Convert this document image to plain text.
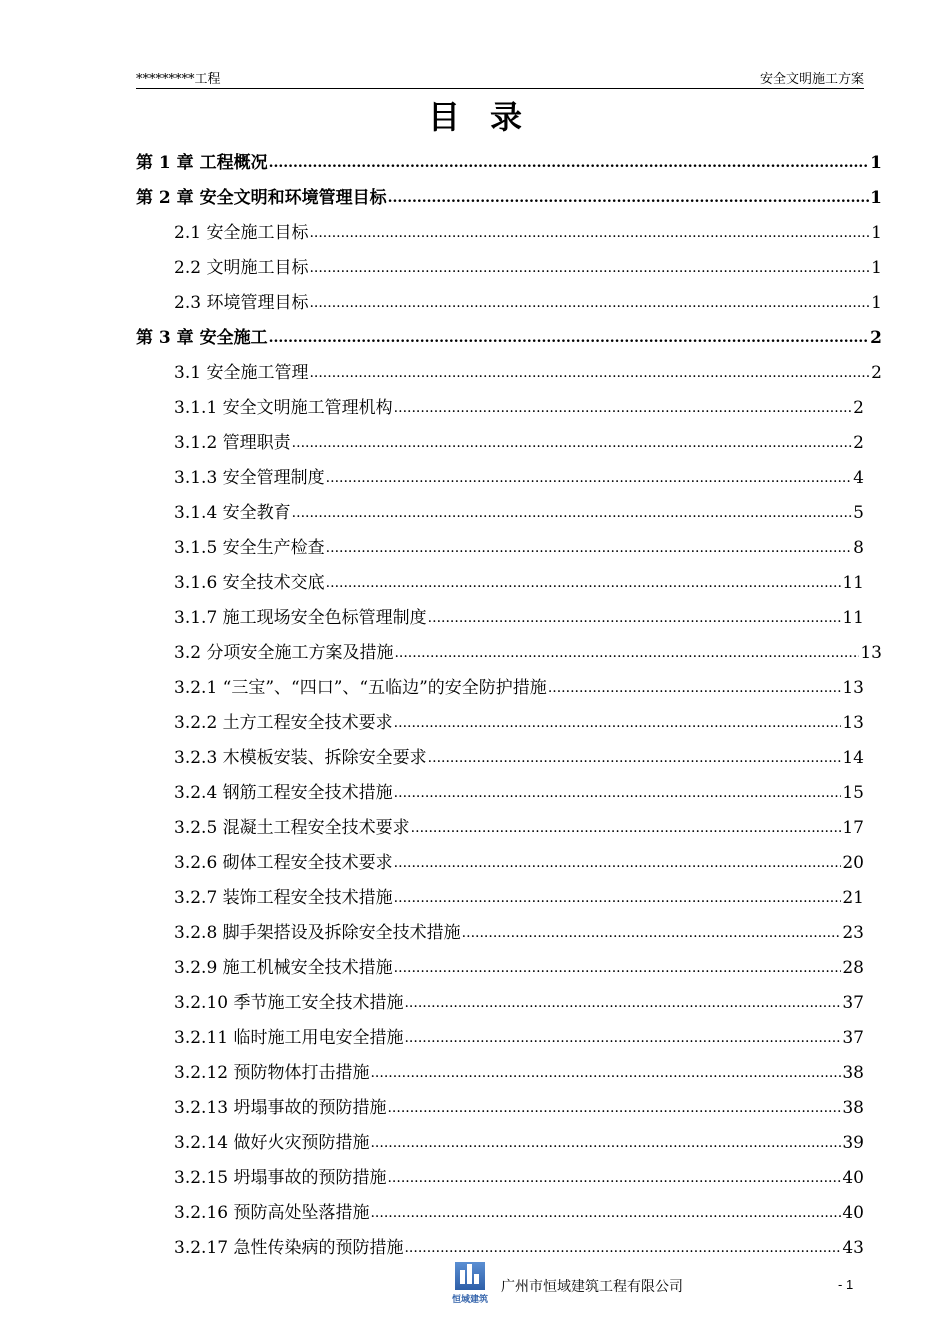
*********工程	安全文明施工方案
目录
第 1 章 工程概况 .....	1
第 2 章 安全文明和环境管理目标 .....	1
2.1 安全施工目标 .....	1
2.2 文明施工目标 .....	1
2.3 环境管理目标 .....	1
第 3 章 安全施工 .....	2
3.1 安全施工管理 .....	2
3.1.1 安全文明施工管理机构 .....	2
3.1.2 管理职责 .....	2
3.1.3 安全管理制度 .....	4
3.1.4 安全教育 .....	5
3.1.5 安全生产检查 .....	8
3.1.6 安全技术交底 .....	11
3.1.7 施工现场安全色标管理制度 .....	11
3.2 分项安全施工方案及措施 .....	13
3.2.1 “三宝”、“四口”、“五临边”的安全防护措施 .....	13
3.2.2 土方工程安全技术要求 .....	13
3.2.3 木模板安装、拆除安全要求 .....	14
3.2.4 钢筋工程安全技术措施 .....	15
3.2.5 混凝土工程安全技术要求 .....	17
3.2.6 砌体工程安全技术要求 .....	20
3.2.7 装饰工程安全技术措施 .....	21
3.2.8 脚手架搭设及拆除安全技术措施 .....	23
3.2.9 施工机械安全技术措施 .....	28
3.2.10 季节施工安全技术措施 .....	37
3.2.11 临时施工用电安全措施 .....	37
3.2.12 预防物体打击措施 .....	38
3.2.13 坍塌事故的预防措施 .....	38
3.2.14 做好火灾预防措施 .....	39
3.2.15 坍塌事故的预防措施 .....	40
3.2.16 预防高处坠落措施 .....	40
3.2.17 急性传染病的预防措施 .....	43
恒域建筑
广州市恒域建筑工程有限公司	- 1
